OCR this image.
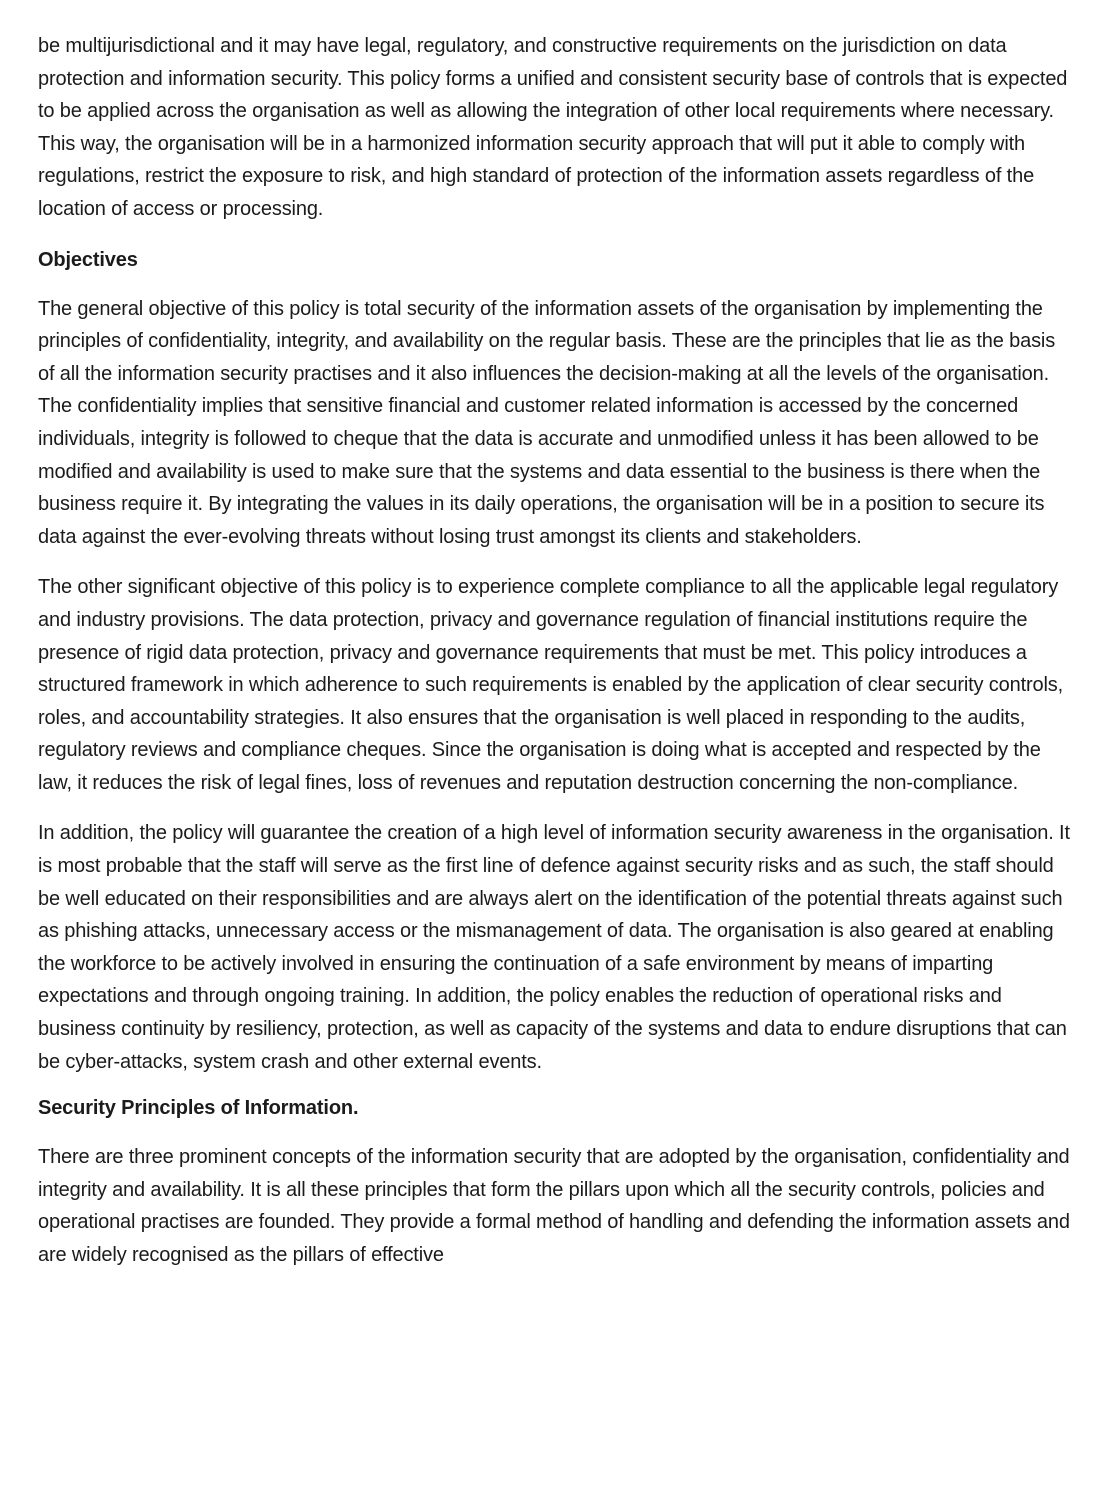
be multijurisdictional and it may have legal, regulatory, and constructive requirements on the jurisdiction on data protection and information security. This policy forms a unified and consistent security base of controls that is expected to be applied across the organisation as well as allowing the integration of other local requirements where necessary. This way, the organisation will be in a harmonized information security approach that will put it able to comply with regulations, restrict the exposure to risk, and high standard of protection of the information assets regardless of the location of access or processing.

Objectives

The general objective of this policy is total security of the information assets of the organisation by implementing the principles of confidentiality, integrity, and availability on the regular basis. These are the principles that lie as the basis of all the information security practises and it also influences the decision-making at all the levels of the organisation. The confidentiality implies that sensitive financial and customer related information is accessed by the concerned individuals, integrity is followed to cheque that the data is accurate and unmodified unless it has been allowed to be modified and availability is used to make sure that the systems and data essential to the business is there when the business require it. By integrating the values in its daily operations, the organisation will be in a position to secure its data against the ever-evolving threats without losing trust amongst its clients and stakeholders.

The other significant objective of this policy is to experience complete compliance to all the applicable legal regulatory and industry provisions. The data protection, privacy and governance regulation of financial institutions require the presence of rigid data protection, privacy and governance requirements that must be met. This policy introduces a structured framework in which adherence to such requirements is enabled by the application of clear security controls, roles, and accountability strategies. It also ensures that the organisation is well placed in responding to the audits, regulatory reviews and compliance cheques. Since the organisation is doing what is accepted and respected by the law, it reduces the risk of legal fines, loss of revenues and reputation destruction concerning the non-compliance.

In addition, the policy will guarantee the creation of a high level of information security awareness in the organisation. It is most probable that the staff will serve as the first line of defence against security risks and as such, the staff should be well educated on their responsibilities and are always alert on the identification of the potential threats against such as phishing attacks, unnecessary access or the mismanagement of data. The organisation is also geared at enabling the workforce to be actively involved in ensuring the continuation of a safe environment by means of imparting expectations and through ongoing training. In addition, the policy enables the reduction of operational risks and business continuity by resiliency, protection, as well as capacity of the systems and data to endure disruptions that can be cyber-attacks, system crash and other external events.

Security Principles of Information.

There are three prominent concepts of the information security that are adopted by the organisation, confidentiality and integrity and availability. It is all these principles that form the pillars upon which all the security controls, policies and operational practises are founded. They provide a formal method of handling and defending the information assets and are widely recognised as the pillars of effective
